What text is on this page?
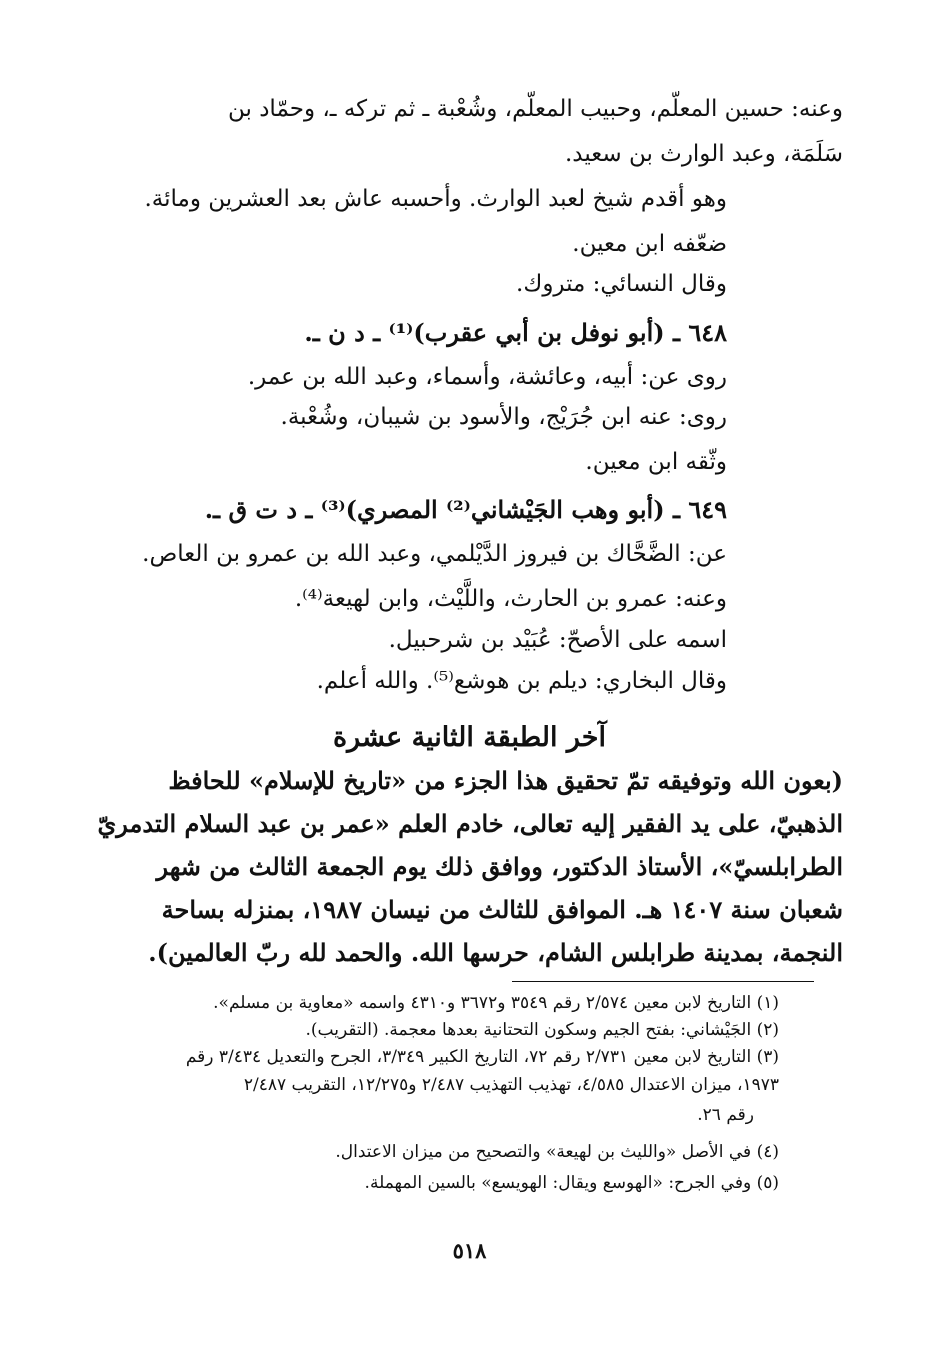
وعنه: حسين المعلّم، وحبيب المعلّم، وشُعْبة ـ ثم تركه ـ، وحمّاد بن
سَلَمَة، وعبد الوارث بن سعيد.
وهو أقدم شيخ لعبد الوارث. وأحسبه عاش بعد العشرين ومائة.
ضعّفه ابن معين.
وقال النسائي: متروك.
٦٤٨ ـ (أبو نوفل بن أبي عقرب)⁽¹⁾ ـ د ن ـ.
روى عن: أبيه، وعائشة، وأسماء، وعبد الله بن عمر.
روى: عنه ابن جُرَيْج، والأسود بن شيبان، وشُعْبة.
وثّقه ابن معين.
٦٤٩ ـ (أبو وهب الجَيْشاني⁽²⁾ المصري)⁽³⁾ ـ د ت ق ـ.
عن: الضَّحَّاك بن فيروز الدَّيْلمي، وعبد الله بن عمرو بن العاص.
وعنه: عمرو بن الحارث، واللَّيْث، وابن لهيعة⁽⁴⁾.
اسمه على الأصحّ: عُبَيْد بن شرحبيل.
وقال البخاري: ديلم بن هوشع⁽⁵⁾. والله أعلم.
آخر الطبقة الثانية عشرة
(بعون الله وتوفيقه تمّ تحقيق هذا الجزء من «تاريخ للإسلام» للحافظ
الذهبيّ، على يد الفقير إليه تعالى، خادم العلم «عمر بن عبد السلام التدمريّ
الطرابلسيّ»، الأستاذ الدكتور، ووافق ذلك يوم الجمعة الثالث من شهر
شعبان سنة ١٤٠٧ هـ. الموافق للثالث من نيسان ١٩٨٧، بمنزله بساحة
النجمة، بمدينة طرابلس الشام، حرسها الله. والحمد لله ربّ العالمين).
(١) التاريخ لابن معين ٢/٥٧٤ رقم ٣٥٤٩ و٣٦٧٢ و٤٣١٠ واسمه «معاوية بن مسلم».
(٢) الجَيْشاني: بفتح الجيم وسكون التحتانية بعدها معجمة. (التقريب).
(٣) التاريخ لابن معين ٢/٧٣١ رقم ٧٢، التاريخ الكبير ٣/٣٤٩، الجرح والتعديل ٣/٤٣٤ رقم
١٩٧٣، ميزان الاعتدال ٤/٥٨٥، تهذيب التهذيب ٢/٤٨٧ و١٢/٢٧٥، التقريب ٢/٤٨٧
رقم ٢٦.
(٤) في الأصل «والليث بن لهيعة» والتصحيح من ميزان الاعتدال.
(٥) وفي الجرح: «الهوسع ويقال: الهويسع» بالسين المهملة.
٥١٨
